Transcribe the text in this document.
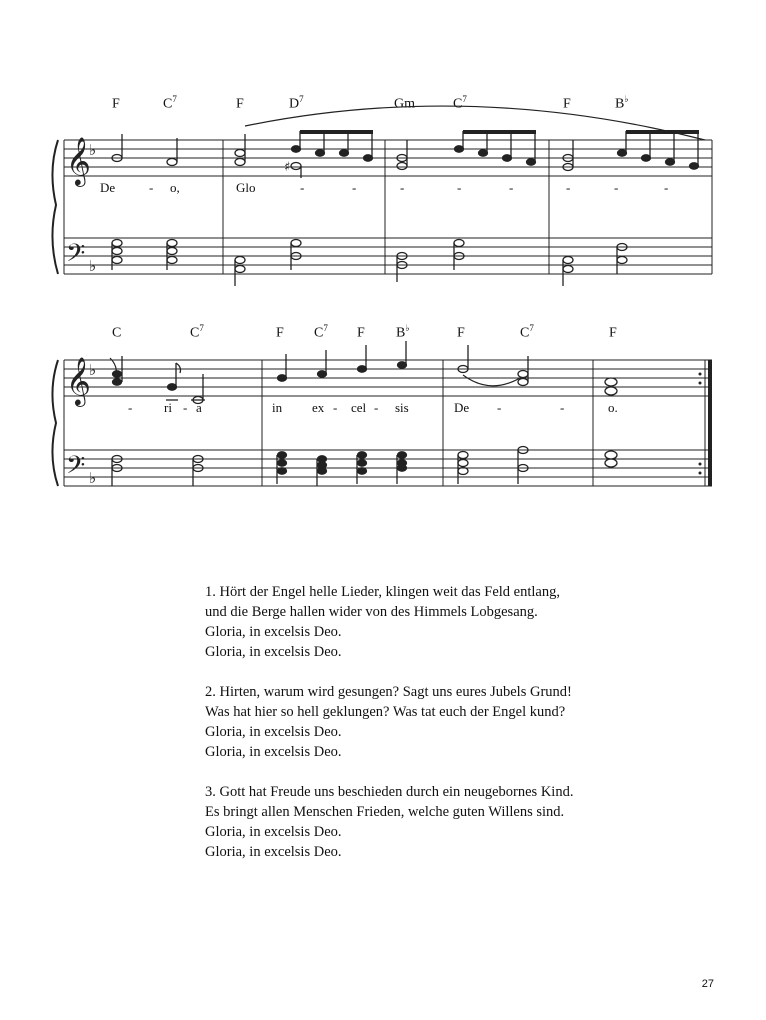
F	$C^7$	F	$D^7$	Gm	$C^7$	F	B♭
De	- o,	Glo	-	-	-	-	-	-	-	-
C	$C^7$	F $C^7$ F B♭	F	$C^7$	F
- ri - a	in ex - cel - sis	De -	-	o.
𝄞
𝄢
𝄞
𝄢
♭
♭
♭
♭
♯
1. Hört der Engel helle Lieder, klingen weit das Feld entlang,
und die Berge hallen wider von des Himmels Lobgesang.
Gloria, in excelsis Deo.
Gloria, in excelsis Deo.
2. Hirten, warum wird gesungen? Sagt uns eures Jubels Grund!
Was hat hier so hell geklungen? Was tat euch der Engel kund?
Gloria, in excelsis Deo.
Gloria, in excelsis Deo.
3. Gott hat Freude uns beschieden durch ein neugebornes Kind.
Es bringt allen Menschen Frieden, welche guten Willens sind.
Gloria, in excelsis Deo.
Gloria, in excelsis Deo.
27
